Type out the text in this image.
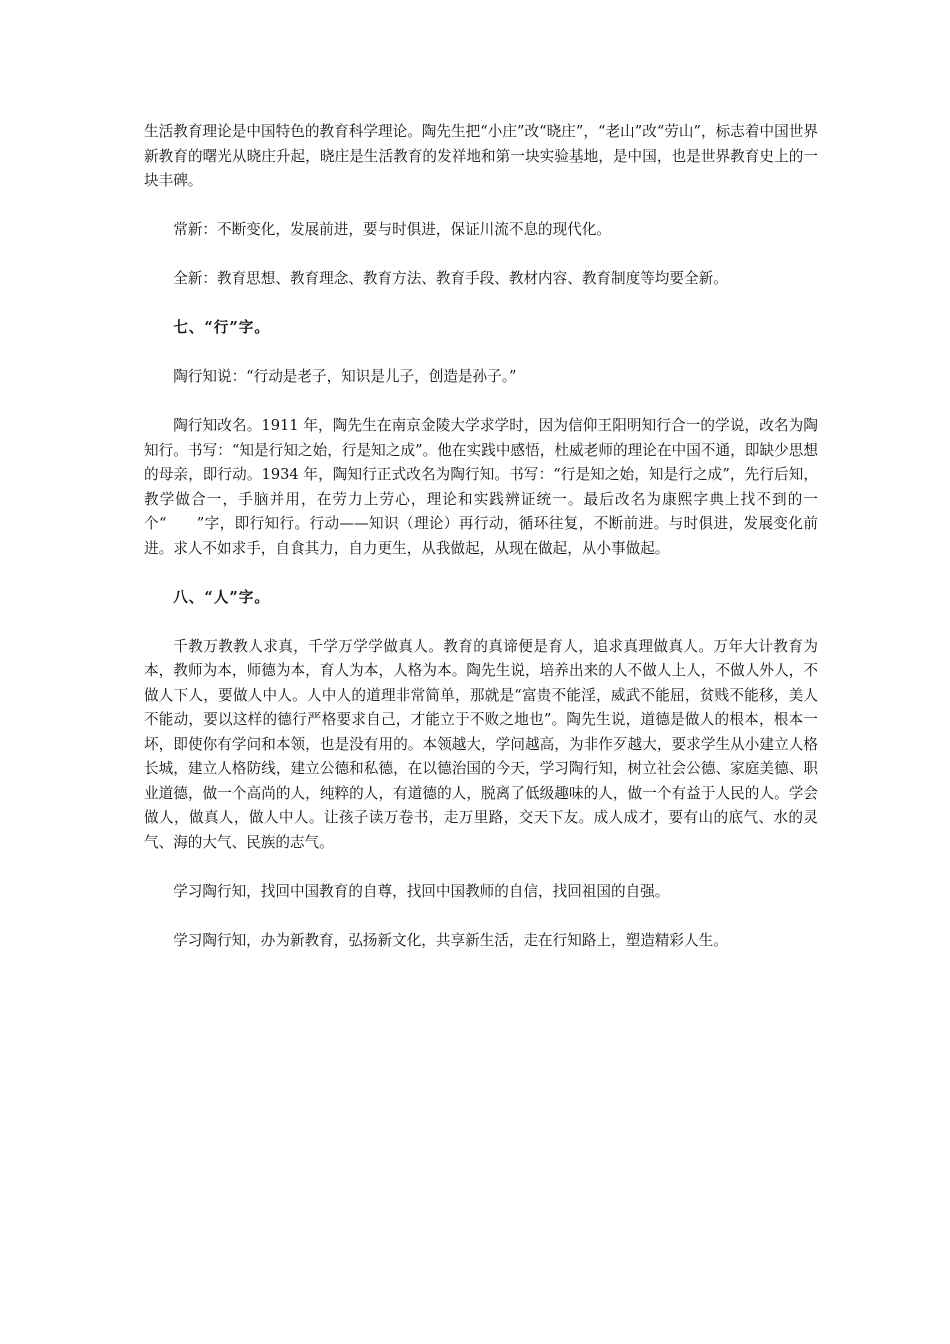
生活教育理论是中国特色的教育科学理论。陶先生把“小庄”改“晓庄”，“老山”改“劳山”，标志着中国世界新教育的曙光从晓庄升起，晓庄是生活教育的发祥地和第一块实验基地，是中国，也是世界教育史上的一块丰碑。

常新：不断变化，发展前进，要与时俱进，保证川流不息的现代化。

全新：教育思想、教育理念、教育方法、教育手段、教材内容、教育制度等均要全新。

七、“行”字。

陶行知说：“行动是老子，知识是儿子，创造是孙子。”

陶行知改名。1911 年，陶先生在南京金陵大学求学时，因为信仰王阳明知行合一的学说，改名为陶知行。书写：“知是行知之始，行是知之成”。他在实践中感悟，杜威老师的理论在中国不通，即缺少思想的母亲，即行动。1934 年，陶知行正式改名为陶行知。书写：“行是知之始，知是行之成”，先行后知，教学做合一，手脑并用，在劳力上劳心，理论和实践辨证统一。最后改名为康熙字典上找不到的一个“　　”字，即行知行。行动——知识（理论）再行动，循环往复，不断前进。与时俱进，发展变化前进。求人不如求手，自食其力，自力更生，从我做起，从现在做起，从小事做起。

八、“人”字。

千教万教教人求真，千学万学学做真人。教育的真谛便是育人，追求真理做真人。万年大计教育为本，教师为本，师德为本，育人为本，人格为本。陶先生说，培养出来的人不做人上人，不做人外人，不做人下人，要做人中人。人中人的道理非常简单，那就是“富贵不能淫，威武不能屈，贫贱不能移，美人不能动，要以这样的德行严格要求自己，才能立于不败之地也”。陶先生说，道德是做人的根本，根本一坏，即使你有学问和本领，也是没有用的。本领越大，学问越高，为非作歹越大，要求学生从小建立人格长城，建立人格防线，建立公德和私德，在以德治国的今天，学习陶行知，树立社会公德、家庭美德、职业道德，做一个高尚的人，纯粹的人，有道德的人，脱离了低级趣味的人，做一个有益于人民的人。学会做人，做真人，做人中人。让孩子读万卷书，走万里路，交天下友。成人成才，要有山的底气、水的灵气、海的大气、民族的志气。

学习陶行知，找回中国教育的自尊，找回中国教师的自信，找回祖国的自强。

学习陶行知，办为新教育，弘扬新文化，共享新生活，走在行知路上，塑造精彩人生。
